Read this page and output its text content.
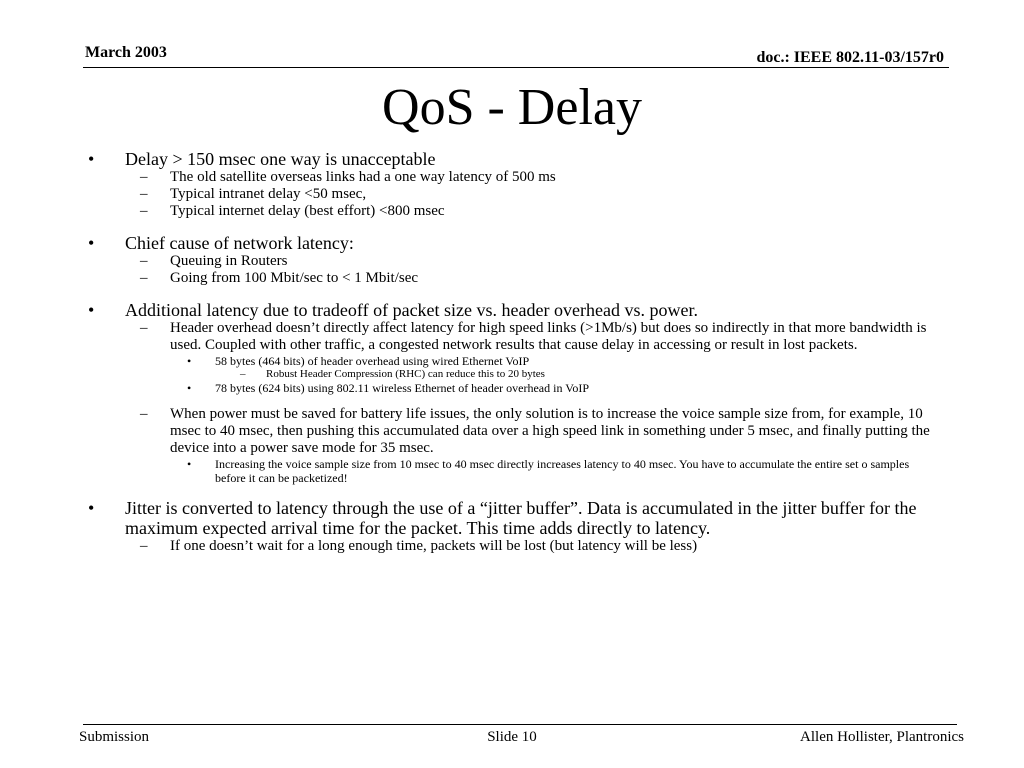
March 2003	doc.: IEEE 802.11-03/157r0
QoS - Delay
• Delay > 150 msec one way is unacceptable
– The old satellite overseas links had a one way latency of 500 ms
– Typical intranet delay <50 msec,
– Typical internet delay (best effort) <800 msec
• Chief cause of network latency:
– Queuing in Routers
– Going from 100 Mbit/sec to < 1 Mbit/sec
• Additional latency due to tradeoff of packet size vs. header overhead vs. power.
– Header overhead doesn’t directly affect latency for high speed links (>1Mb/s) but does so indirectly in that more bandwidth is used. Coupled with other traffic, a congested network results that cause delay in accessing or result in lost packets.
• 58 bytes (464 bits) of header overhead using wired Ethernet VoIP
– Robust Header Compression (RHC) can reduce this to 20 bytes
• 78 bytes (624 bits) using 802.11 wireless Ethernet of header overhead in VoIP
– When power must be saved for battery life issues, the only solution is to increase the voice sample size from, for example, 10 msec to 40 msec, then pushing this accumulated data over a high speed link in something under 5 msec, and finally putting the device into a power save mode for 35 msec.
• Increasing the voice sample size from 10 msec to 40 msec directly increases latency to 40 msec. You have to accumulate the entire set o samples before it can be packetized!
• Jitter is converted to latency through the use of a “jitter buffer”. Data is accumulated in the jitter buffer for the maximum expected arrival time for the packet. This time adds directly to latency.
– If one doesn’t wait for a long enough time, packets will be lost (but latency will be less)
Submission	Slide 10	Allen Hollister, Plantronics
